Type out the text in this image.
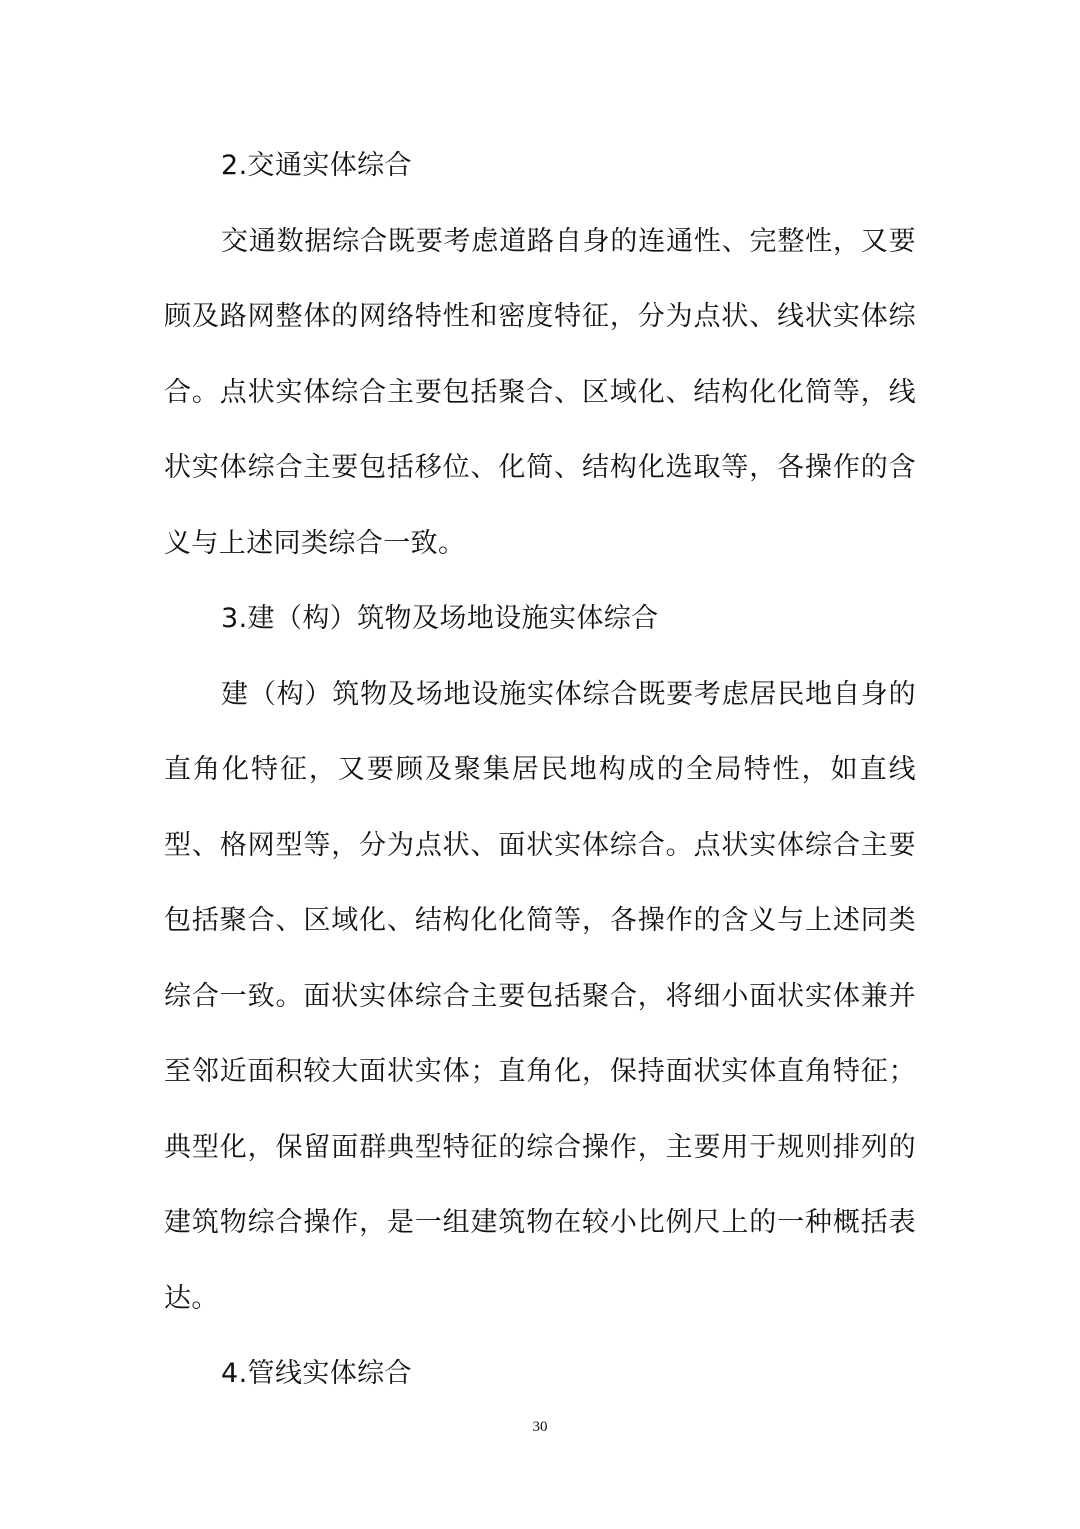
2.交通实体综合

交通数据综合既要考虑道路自身的连通性、完整性，又要顾及路网整体的网络特性和密度特征，分为点状、线状实体综合。点状实体综合主要包括聚合、区域化、结构化化简等，线状实体综合主要包括移位、化简、结构化选取等，各操作的含义与上述同类综合一致。

3.建（构）筑物及场地设施实体综合

建（构）筑物及场地设施实体综合既要考虑居民地自身的直角化特征，又要顾及聚集居民地构成的全局特性，如直线型、格网型等，分为点状、面状实体综合。点状实体综合主要包括聚合、区域化、结构化化简等，各操作的含义与上述同类综合一致。面状实体综合主要包括聚合，将细小面状实体兼并至邻近面积较大面状实体；直角化，保持面状实体直角特征；典型化，保留面群典型特征的综合操作，主要用于规则排列的建筑物综合操作，是一组建筑物在较小比例尺上的一种概括表达。

4.管线实体综合

30
